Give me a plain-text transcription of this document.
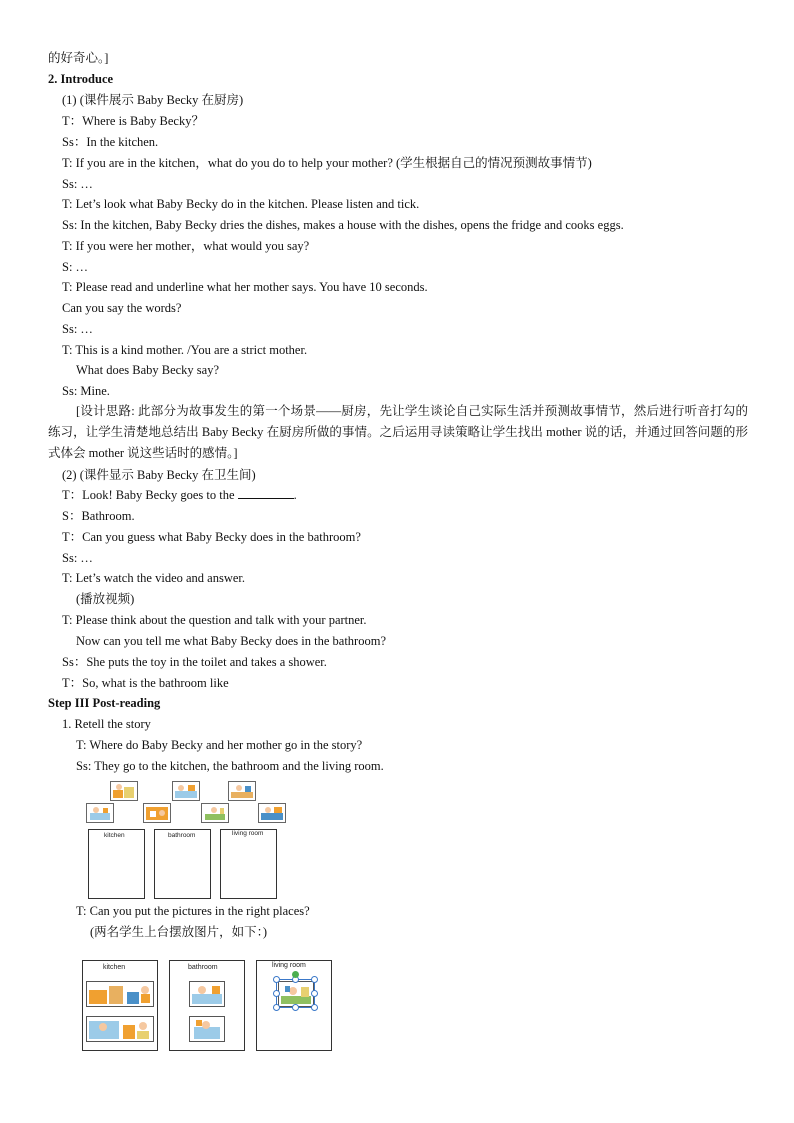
的好奇心。]
2. Introduce
(1) (课件展示 Baby Becky 在厨房)
T：Where is Baby Becky？
Ss：In the kitchen.
T: If you are in the kitchen，what do you do to help your mother? (学生根据自己的情况预测故事情节)
Ss: …
T: Let’s look what Baby Becky do in the kitchen. Please listen and tick.
Ss: In the kitchen, Baby Becky dries the dishes, makes a house with the dishes, opens the fridge and cooks eggs.
T: If you were her mother，what would you say?
S: …
T: Please read and underline what her mother says. You have 10 seconds.
Can you say the words?
Ss: …
T: This is a kind mother. /You are a strict mother.
What does Baby Becky say?
Ss: Mine.
[设计思路: 此部分为故事发生的第一个场景——厨房，先让学生谈论自己实际生活并预测故事情节，然后进行听音打勾的练习，让学生清楚地总结出 Baby Becky 在厨房所做的事情。之后运用寻读策略让学生找出 mother 说的话，并通过回答问题的形式体会 mother 说这些话时的感情。]
(2) (课件显示 Baby Becky 在卫生间)
T：Look! Baby Becky goes to the	.
S：Bathroom.
T：Can you guess what Baby Becky does in the bathroom?
Ss: …
T: Let’s watch the video and answer.
(播放视频)
T: Please think about the question and talk with your partner.
Now can you tell me what Baby Becky does in the bathroom?
Ss：She puts the toy in the toilet and takes a shower.
T：So, what is the bathroom like
Step III Post-reading
1. Retell the story
T: Where do Baby Becky and her mother go in the story?
Ss: They go to the kitchen, the bathroom and the living room.
kitchen	bathroom	living room
T: Can you put the pictures in the right places?
(两名学生上台摆放图片，如下：)
kitchen	bathroom	living room
